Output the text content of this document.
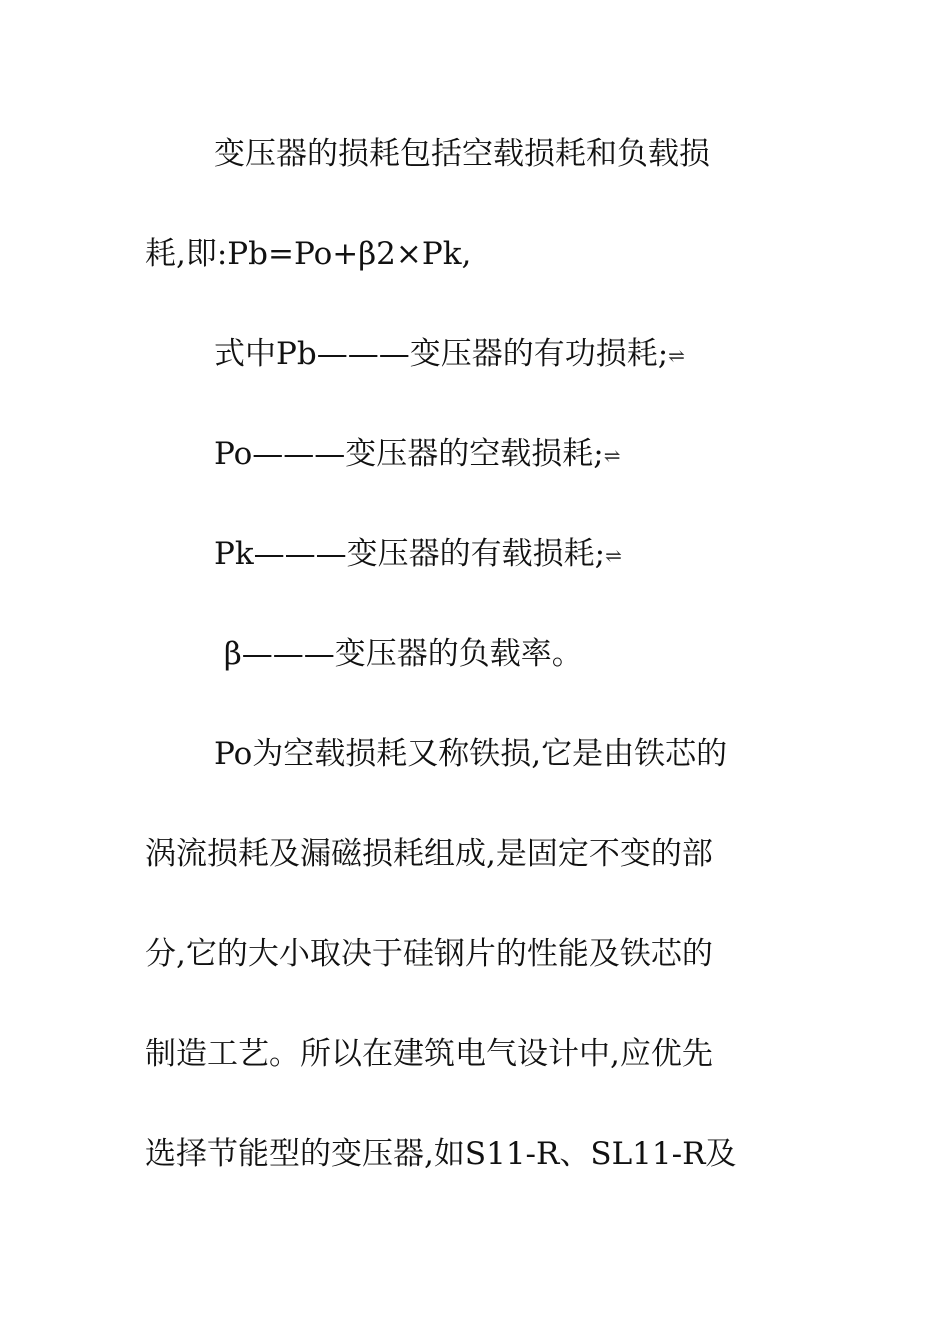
变压器的损耗包括空载损耗和负载损
耗,即:Pb=Po+β2×Pk,
式中Pb———变压器的有功损耗;⇌
Po———变压器的空载损耗;⇌
Pk———变压器的有载损耗;⇌
β———变压器的负载率。
Po为空载损耗又称铁损,它是由铁芯的
涡流损耗及漏磁损耗组成,是固定不变的部
分,它的大小取决于硅钢片的性能及铁芯的
制造工艺。所以在建筑电气设计中,应优先
选择节能型的变压器,如S11-R、SL11-R及
